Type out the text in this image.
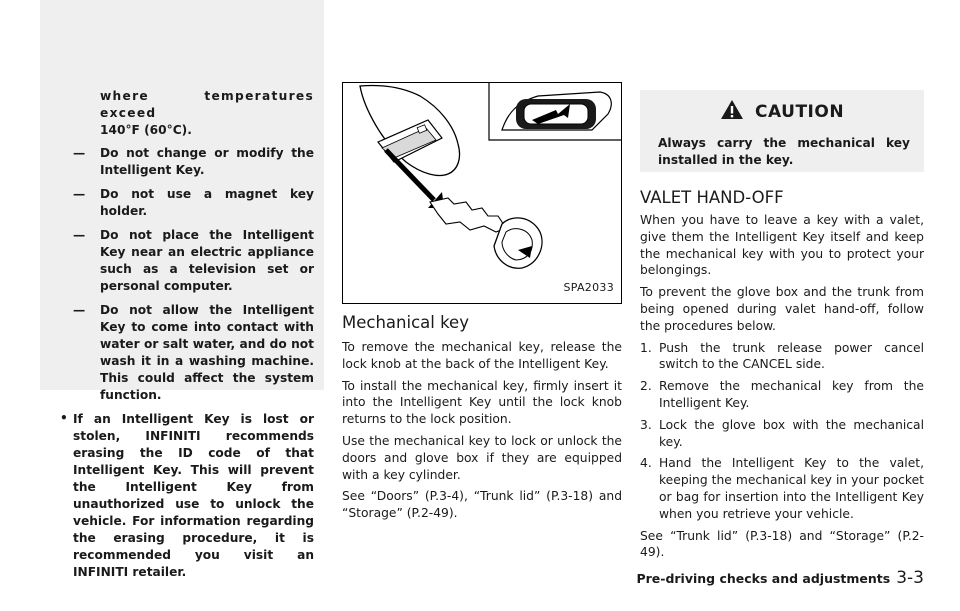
where temperatures exceed
140°F (60°C).
— Do not change or modify the Intelligent Key.
— Do not use a magnet key holder.
— Do not place the Intelligent Key near an electric appliance such as a television set or personal computer.
— Do not allow the Intelligent Key to come into contact with water or salt water, and do not wash it in a washing machine. This could affect the system function.
• If an Intelligent Key is lost or stolen, INFINITI recommends erasing the ID code of that Intelligent Key. This will prevent the Intelligent Key from unauthorized use to unlock the vehicle. For information regarding the erasing procedure, it is recommended you visit an INFINITI retailer.
SPA2033
Mechanical key

To remove the mechanical key, release the lock knob at the back of the Intelligent Key.

To install the mechanical key, firmly insert it into the Intelligent Key until the lock knob returns to the lock position.

Use the mechanical key to lock or unlock the doors and glove box if they are equipped with a key cylinder.

See “Doors” (P.3-4), “Trunk lid” (P.3-18) and “Storage” (P.2-49).

CAUTION
Always carry the mechanical key installed in the key.
VALET HAND-OFF

When you have to leave a key with a valet, give them the Intelligent Key itself and keep the mechanical key with you to protect your belongings.

To prevent the glove box and the trunk from being opened during valet hand-off, follow the procedures below.

1. Push the trunk release power cancel switch to the CANCEL side.
2. Remove the mechanical key from the Intelligent Key.
3. Lock the glove box with the mechanical key.
4. Hand the Intelligent Key to the valet, keeping the mechanical key in your pocket or bag for insertion into the Intelligent Key when you retrieve your vehicle.

See “Trunk lid” (P.3-18) and “Storage” (P.2-49).

Pre-driving checks and adjustments 3-3
